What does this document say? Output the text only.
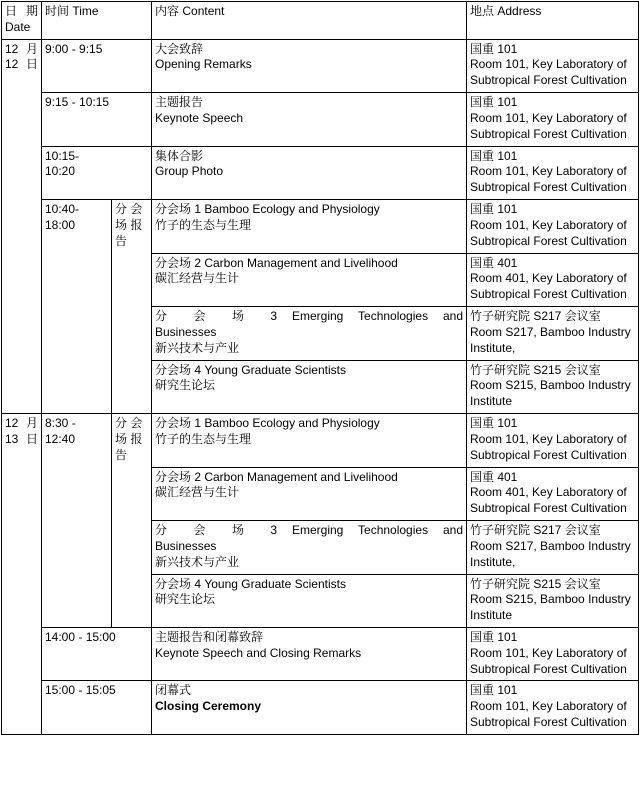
日 期
Date	时间 Time		内容 Content	地点 Address

12 月
12 日	9:00 - 9:15		大会致辞
Opening Remarks	国重 101
Room 101, Key Laboratory of
Subtropical Forest Cultivation

	9:15 - 10:15		主题报告
Keynote Speech	国重 101
Room 101, Key Laboratory of
Subtropical Forest Cultivation

	10:15-
10:20		集体合影
Group Photo	国重 101
Room 101, Key Laboratory of
Subtropical Forest Cultivation

	10:40-18:00	分 会 场 报 告	分会场 1 Bamboo Ecology and Physiology
竹子的生态与生理	国重 101
Room 101, Key Laboratory of
Subtropical Forest Cultivation

			分会场 2 Carbon Management and Livelihood
碳汇经营与生计	国重 401
Room 401, Key Laboratory of
Subtropical Forest Cultivation

			分 会 场 3 Emerging Technologies and
Businesses
新兴技术与产业	竹子研究院 S217 会议室
Room S217, Bamboo Industry
Institute,

			分会场 4 Young Graduate Scientists
研究生论坛	竹子研究院 S215 会议室
Room S215, Bamboo Industry
Institute

12 月
13 日	8:30 - 12:40	分 会 场 报 告	分会场 1 Bamboo Ecology and Physiology
竹子的生态与生理	国重 101
Room 101, Key Laboratory of
Subtropical Forest Cultivation

			分会场 2 Carbon Management and Livelihood
碳汇经营与生计	国重 401
Room 401, Key Laboratory of
Subtropical Forest Cultivation

			分 会 场 3 Emerging Technologies and
Businesses
新兴技术与产业	竹子研究院 S217 会议室
Room S217, Bamboo Industry
Institute,

			分会场 4 Young Graduate Scientists
研究生论坛	竹子研究院 S215 会议室
Room S215, Bamboo Industry
Institute

	14:00 - 15:00		主题报告和闭幕致辞
Keynote Speech and Closing Remarks	国重 101
Room 101, Key Laboratory of
Subtropical Forest Cultivation

	15:00 - 15:05		闭幕式
Closing Ceremony	国重 101
Room 101, Key Laboratory of
Subtropical Forest Cultivation
